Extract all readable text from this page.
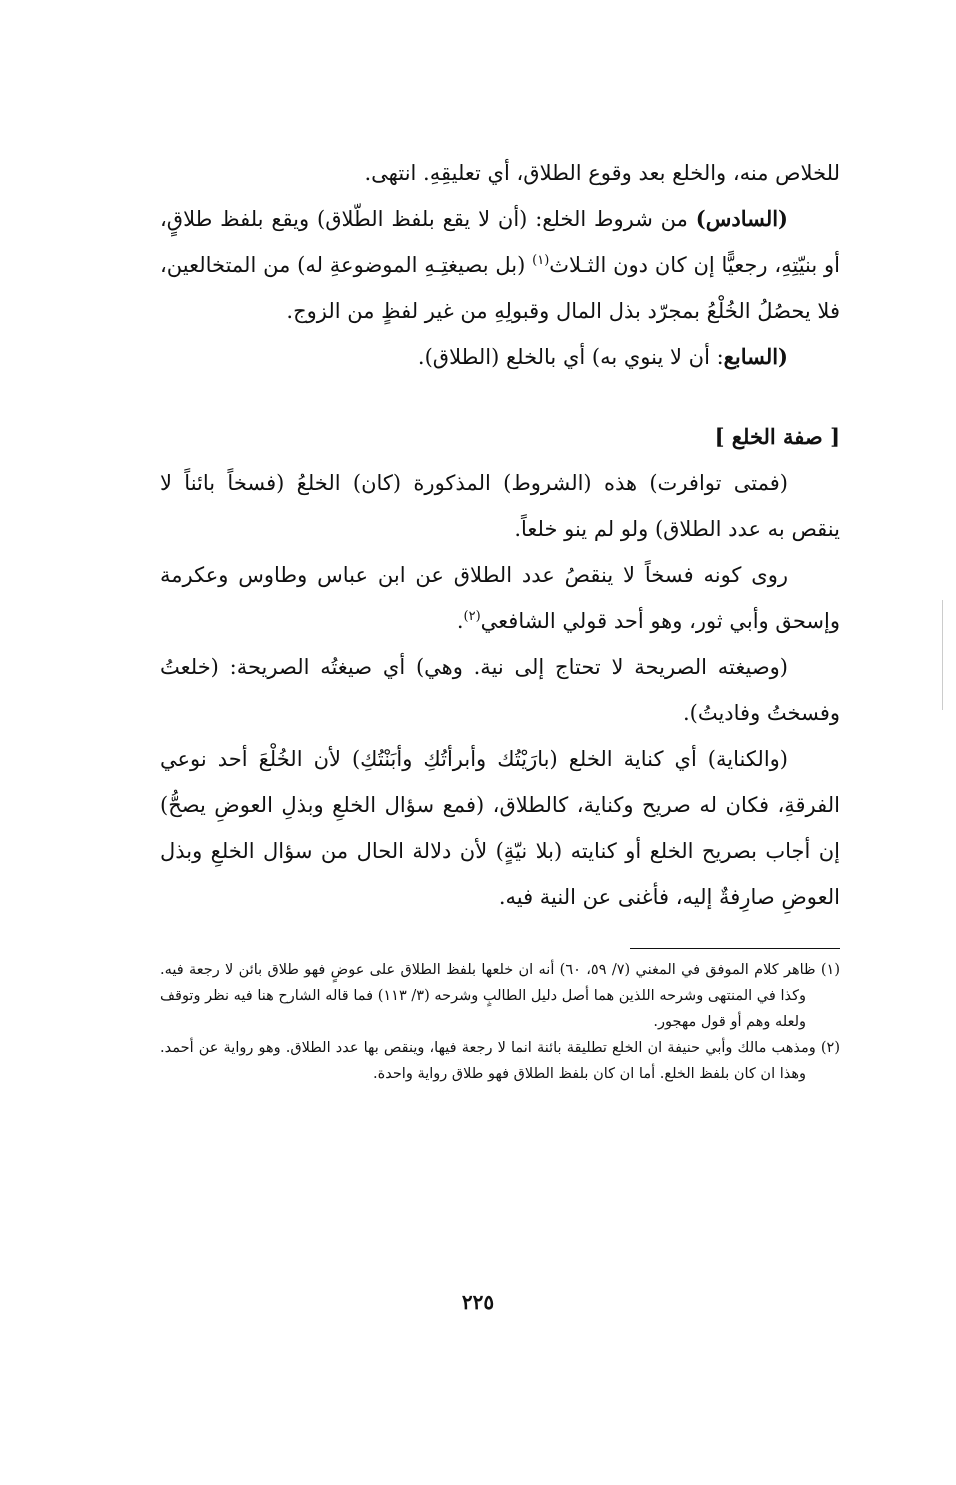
للخلاص منه، والخلع بعد وقوع الطلاق، أي تعليقِهِ. انتهى.

(السادس) من شروط الخلع: (أن لا يقع بلفظ الطّلاق) ويقع بلفظ طلاقٍ، أو بنيّتِهِ، رجعيًّا إن كان دون الثـلاث$^{(١)}$ (بل بصيغتِـهِ الموضوعةِ له) من المتخالعين، فلا يحصُلُ الخُلْعُ بمجرّد بذل المال وقبولِهِ من غير لفظٍ من الزوج.

(السابع: أن لا ينوي به) أي بالخلع (الطلاق).

[ صفة الخلع ]

(فمتى توافرت) هذه (الشروط) المذكورة (كان) الخلعُ (فسخاً بائناً لا ينقص به عدد الطلاق) ولو لم ينو خلعاً.

روى كونه فسخاً لا ينقصُ عدد الطلاق عن ابن عباس وطاوس وعكرمة وإسحق وأبي ثور، وهو أحد قولي الشافعي$^{(٢)}$.

(وصيغته الصريحة لا تحتاج إلى نية. وهي) أي صيغتُه الصريحة: (خلعتُ وفسختُ وفاديتُ).

(والكناية) أي كناية الخلع (بارَيْتُك وأبرأتُكِ وأبَنْتُكِ) لأن الخُلْعَ أحد نوعي الفرقةِ، فكان له صريح وكناية، كالطلاق، (فمع سؤال الخلعِ وبذلِ العوضِ يصحُّ) إن أجاب بصريح الخلع أو كنايته (بلا نيّةٍ) لأن دلالة الحال من سؤال الخلعِ وبذل العوضِ صارِفةٌ إليه، فأغنى عن النية فيه.

(١) ظاهر كلام الموفق في المغني (٧/ ٥٩، ٦٠) أنه ان خلعها بلفظ الطلاق على عوضٍ فهو طلاق بائن لا رجعة فيه. وكذا في المنتهى وشرحه اللذين هما أصل دليل الطالبٍ وشرحه (٣/ ١١٣) فما قاله الشارح هنا فيه نظر وتوقف ولعله وهم أو قول مهجور.

(٢) ومذهب مالك وأبي حنيفة ان الخلع تطليقة بائنة انما لا رجعة فيها، وينقص بها عدد الطلاق. وهو رواية عن أحمد. وهذا ان كان بلفظ الخلع. أما ان كان بلفظ الطلاق فهو طلاق رواية واحدة.

٢٢٥
